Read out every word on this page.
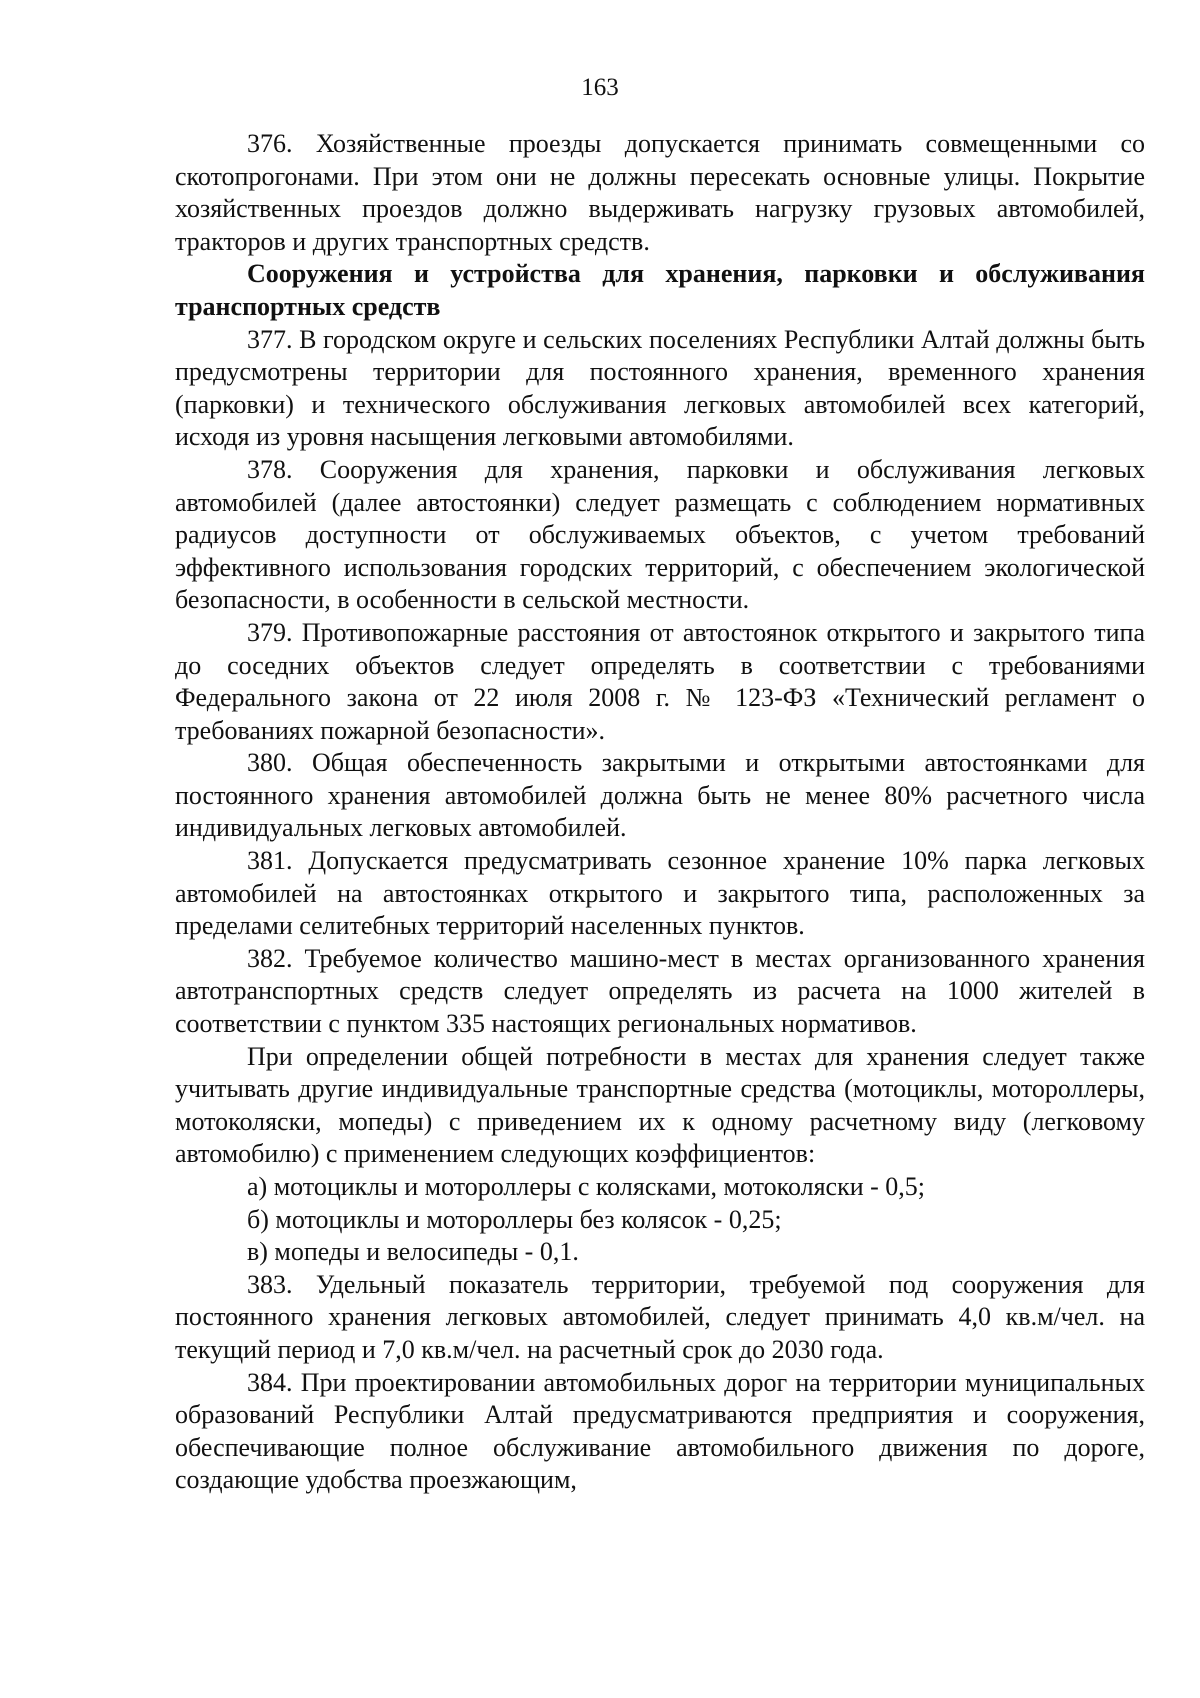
163

376. Хозяйственные проезды допускается принимать совмещенными со скотопрогонами. При этом они не должны пересекать основные улицы. Покрытие хозяйственных проездов должно выдерживать нагрузку грузовых автомобилей, тракторов и других транспортных средств.

Сооружения и устройства для хранения, парковки и обслуживания транспортных средств

377. В городском округе и сельских поселениях Республики Алтай должны быть предусмотрены территории для постоянного хранения, временного хранения (парковки) и технического обслуживания легковых автомобилей всех категорий, исходя из уровня насыщения легковыми автомобилями.

378. Сооружения для хранения, парковки и обслуживания легковых автомобилей (далее автостоянки) следует размещать с соблюдением нормативных радиусов доступности от обслуживаемых объектов, с учетом требований эффективного использования городских территорий, с обеспечением экологической безопасности, в особенности в сельской местности.

379. Противопожарные расстояния от автостоянок открытого и закрытого типа до соседних объектов следует определять в соответствии с требованиями Федерального закона от 22 июля 2008 г. № 123-ФЗ «Технический регламент о требованиях пожарной безопасности».

380. Общая обеспеченность закрытыми и открытыми автостоянками для постоянного хранения автомобилей должна быть не менее 80% расчетного числа индивидуальных легковых автомобилей.

381. Допускается предусматривать сезонное хранение 10% парка легковых автомобилей на автостоянках открытого и закрытого типа, расположенных за пределами селитебных территорий населенных пунктов.

382. Требуемое количество машино-мест в местах организованного хранения автотранспортных средств следует определять из расчета на 1000 жителей в соответствии с пунктом 335 настоящих региональных нормативов.

При определении общей потребности в местах для хранения следует также учитывать другие индивидуальные транспортные средства (мотоциклы, мотороллеры, мотоколяски, мопеды) с приведением их к одному расчетному виду (легковому автомобилю) с применением следующих коэффициентов:

а) мотоциклы и мотороллеры с колясками, мотоколяски - 0,5;

б) мотоциклы и мотороллеры без колясок - 0,25;

в) мопеды и велосипеды - 0,1.

383. Удельный показатель территории, требуемой под сооружения для постоянного хранения легковых автомобилей, следует принимать 4,0 кв.м/чел. на текущий период и 7,0 кв.м/чел. на расчетный срок до 2030 года.

384. При проектировании автомобильных дорог на территории муниципальных образований Республики Алтай предусматриваются предприятия и сооружения, обеспечивающие полное обслуживание автомобильного движения по дороге, создающие удобства проезжающим,
